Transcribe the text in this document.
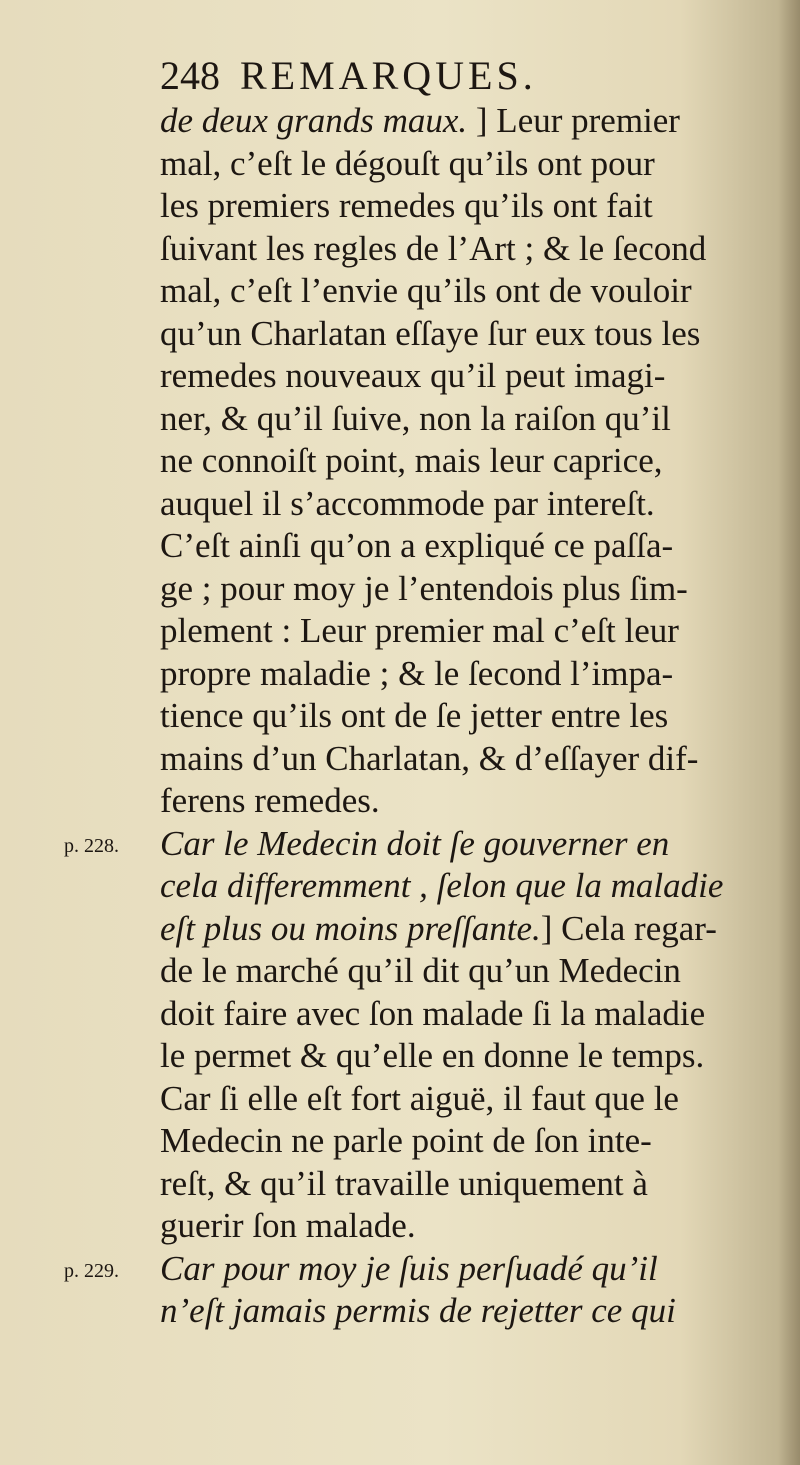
248 REMARQUES.
de deux grands maux. ] Leur premier
mal, c’eſt le dégouſt qu’ils ont pour
les premiers remedes qu’ils ont fait
ſuivant les regles de l’Art ; & le ſecond
mal, c’eſt l’envie qu’ils ont de vouloir
qu’un Charlatan eſſaye ſur eux tous les
remedes nouveaux qu’il peut imagi-
ner, & qu’il ſuive, non la raiſon qu’il
ne connoiſt point, mais leur caprice,
auquel il s’accommode par intereſt.
C’eſt ainſi qu’on a expliqué ce paſſa-
ge ; pour moy je l’entendois plus ſim-
plement : Leur premier mal c’eſt leur
propre maladie ; & le ſecond l’impa-
tience qu’ils ont de ſe jetter entre les
mains d’un Charlatan, & d’eſſayer dif-
ferens remedes.
Car le Medecin doit ſe gouverner en
cela differemment , ſelon que la maladie
eſt plus ou moins preſſante.] Cela regar-
de le marché qu’il dit qu’un Medecin
doit faire avec ſon malade ſi la maladie
le permet & qu’elle en donne le temps.
Car ſi elle eſt fort aiguë, il faut que le
Medecin ne parle point de ſon inte-
reſt, & qu’il travaille uniquement à
guerir ſon malade.
Car pour moy je ſuis perſuadé qu’il
n’eſt jamais permis de rejetter ce qui
p. 228.
p. 229.
